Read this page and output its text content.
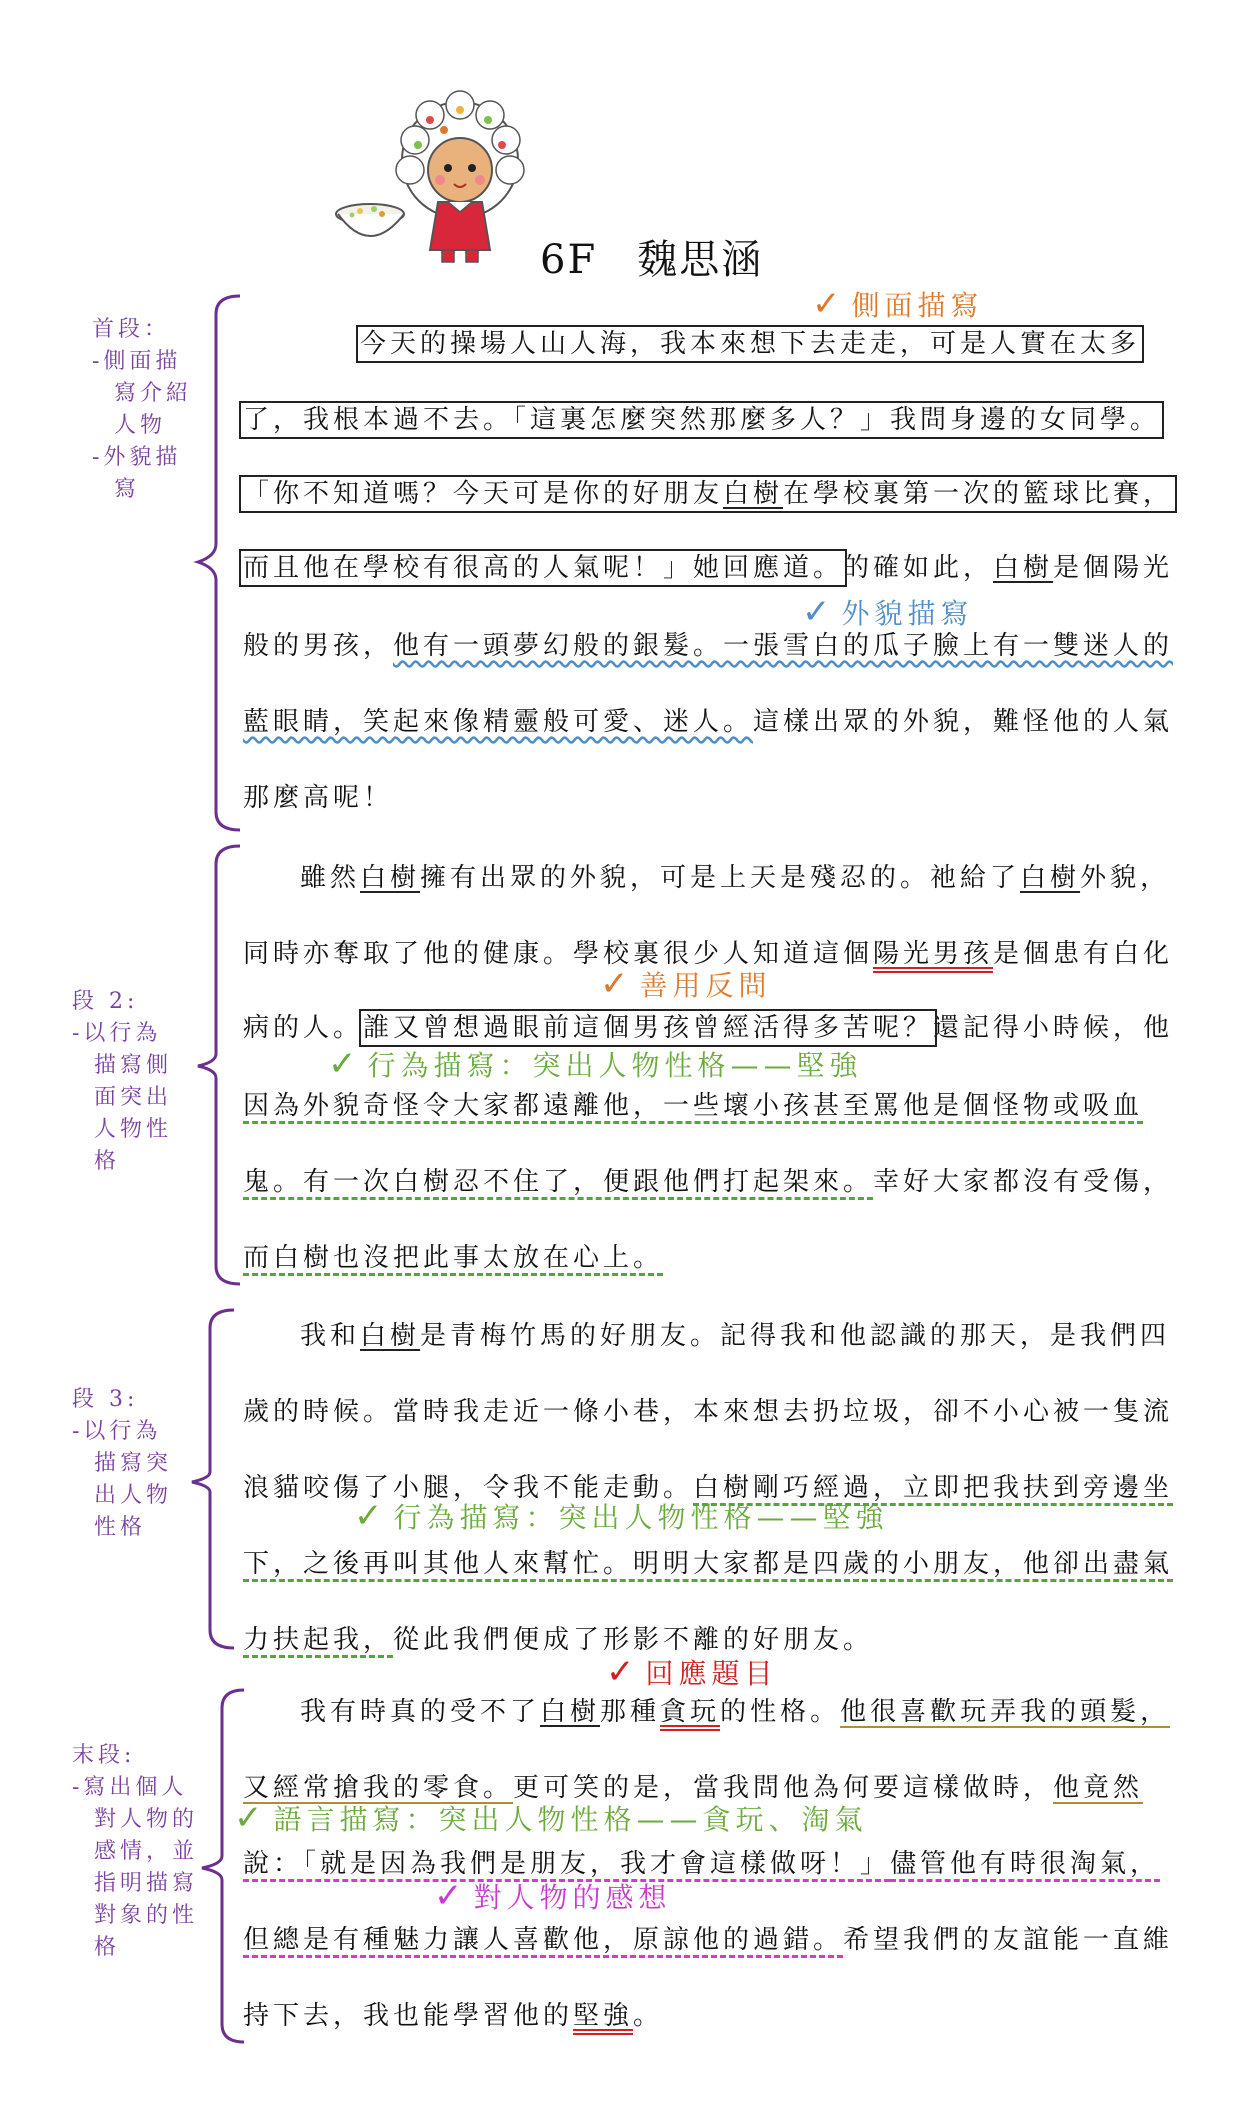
6F 魏思涵
首段：
-側面描
寫介紹
人物
-外貌描
寫
段 2:
-以行為
描寫側
面突出
人物性
格
段 3:
-以行為
描寫突
出人物
性格
末段:
-寫出個人
對人物的
感情，並
指明描寫
對象的性
格
✓ 側面描寫
✓ 外貌描寫
✓ 善用反問
✓ 行為描寫：突出人物性格——堅強
✓ 行為描寫：突出人物性格——堅強
✓ 回應題目
✓ 語言描寫：突出人物性格——貪玩、淘氣
✓ 對人物的感想
今天的操場人山人海，我本來想下去走走，可是人實在太多
了，我根本過不去。「這裏怎麼突然那麼多人？」我問身邊的女同學。
「你不知道嗎？今天可是你的好朋友白樹在學校裏第一次的籃球比賽，
而且他在學校有很高的人氣呢！」她回應道。的確如此，白樹是個陽光
般的男孩，他有一頭夢幻般的銀髮。一張雪白的瓜子臉上有一雙迷人的
藍眼睛，笑起來像精靈般可愛、迷人。這樣出眾的外貌，難怪他的人氣
那麼高呢！
雖然白樹擁有出眾的外貌，可是上天是殘忍的。祂給了白樹外貌，
同時亦奪取了他的健康。學校裏很少人知道這個陽光男孩是個患有白化
病的人。誰又曾想過眼前這個男孩曾經活得多苦呢？還記得小時候，他
因為外貌奇怪令大家都遠離他，一些壞小孩甚至罵他是個怪物或吸血
鬼。有一次白樹忍不住了，便跟他們打起架來。幸好大家都沒有受傷，
而白樹也沒把此事太放在心上。
我和白樹是青梅竹馬的好朋友。記得我和他認識的那天，是我們四
歲的時候。當時我走近一條小巷，本來想去扔垃圾，卻不小心被一隻流
浪貓咬傷了小腿，令我不能走動。白樹剛巧經過，立即把我扶到旁邊坐
下，之後再叫其他人來幫忙。明明大家都是四歲的小朋友，他卻出盡氣
力扶起我，從此我們便成了形影不離的好朋友。
我有時真的受不了白樹那種貪玩的性格。他很喜歡玩弄我的頭髮，
又經常搶我的零食。更可笑的是，當我問他為何要這樣做時，他竟然
說：「就是因為我們是朋友，我才會這樣做呀！」儘管他有時很淘氣，
但總是有種魅力讓人喜歡他，原諒他的過錯。希望我們的友誼能一直維
持下去，我也能學習他的堅強。
